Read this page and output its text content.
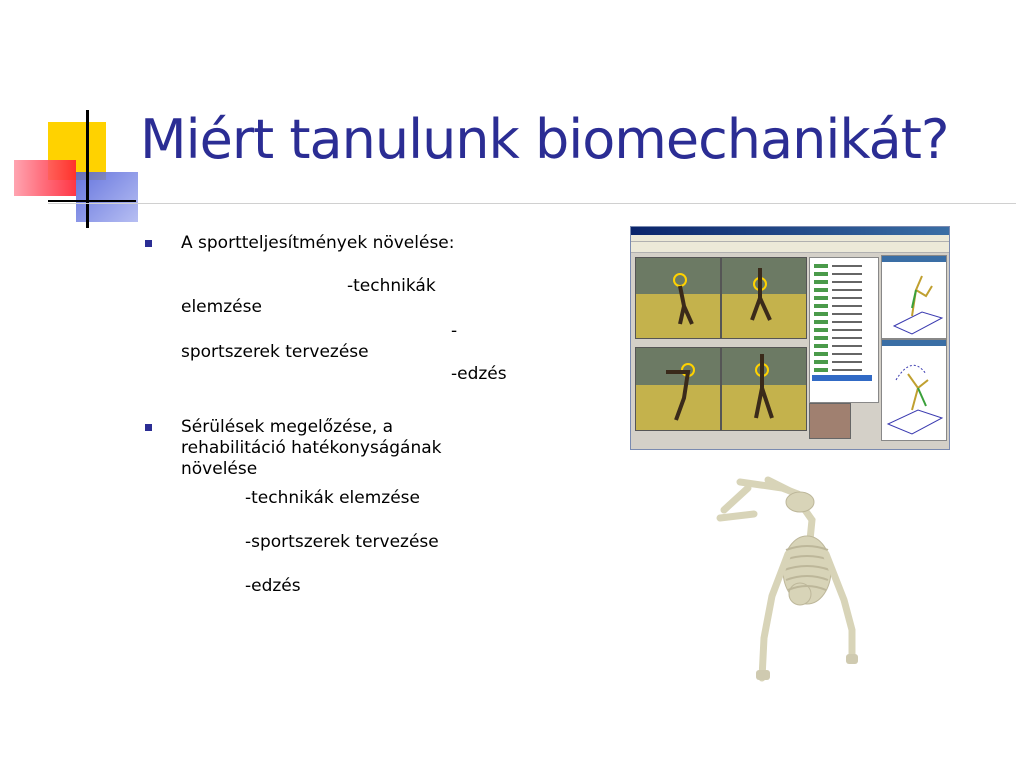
Miért tanulunk biomechanikát?
A sportteljesítmények növelése:
-technikák
elemzése
-
sportszerek tervezése
-edzés
Sérülések megelőzése, a
rehabilitáció hatékonyságának
növelése
-technikák elemzése
-sportszerek tervezése
-edzés
